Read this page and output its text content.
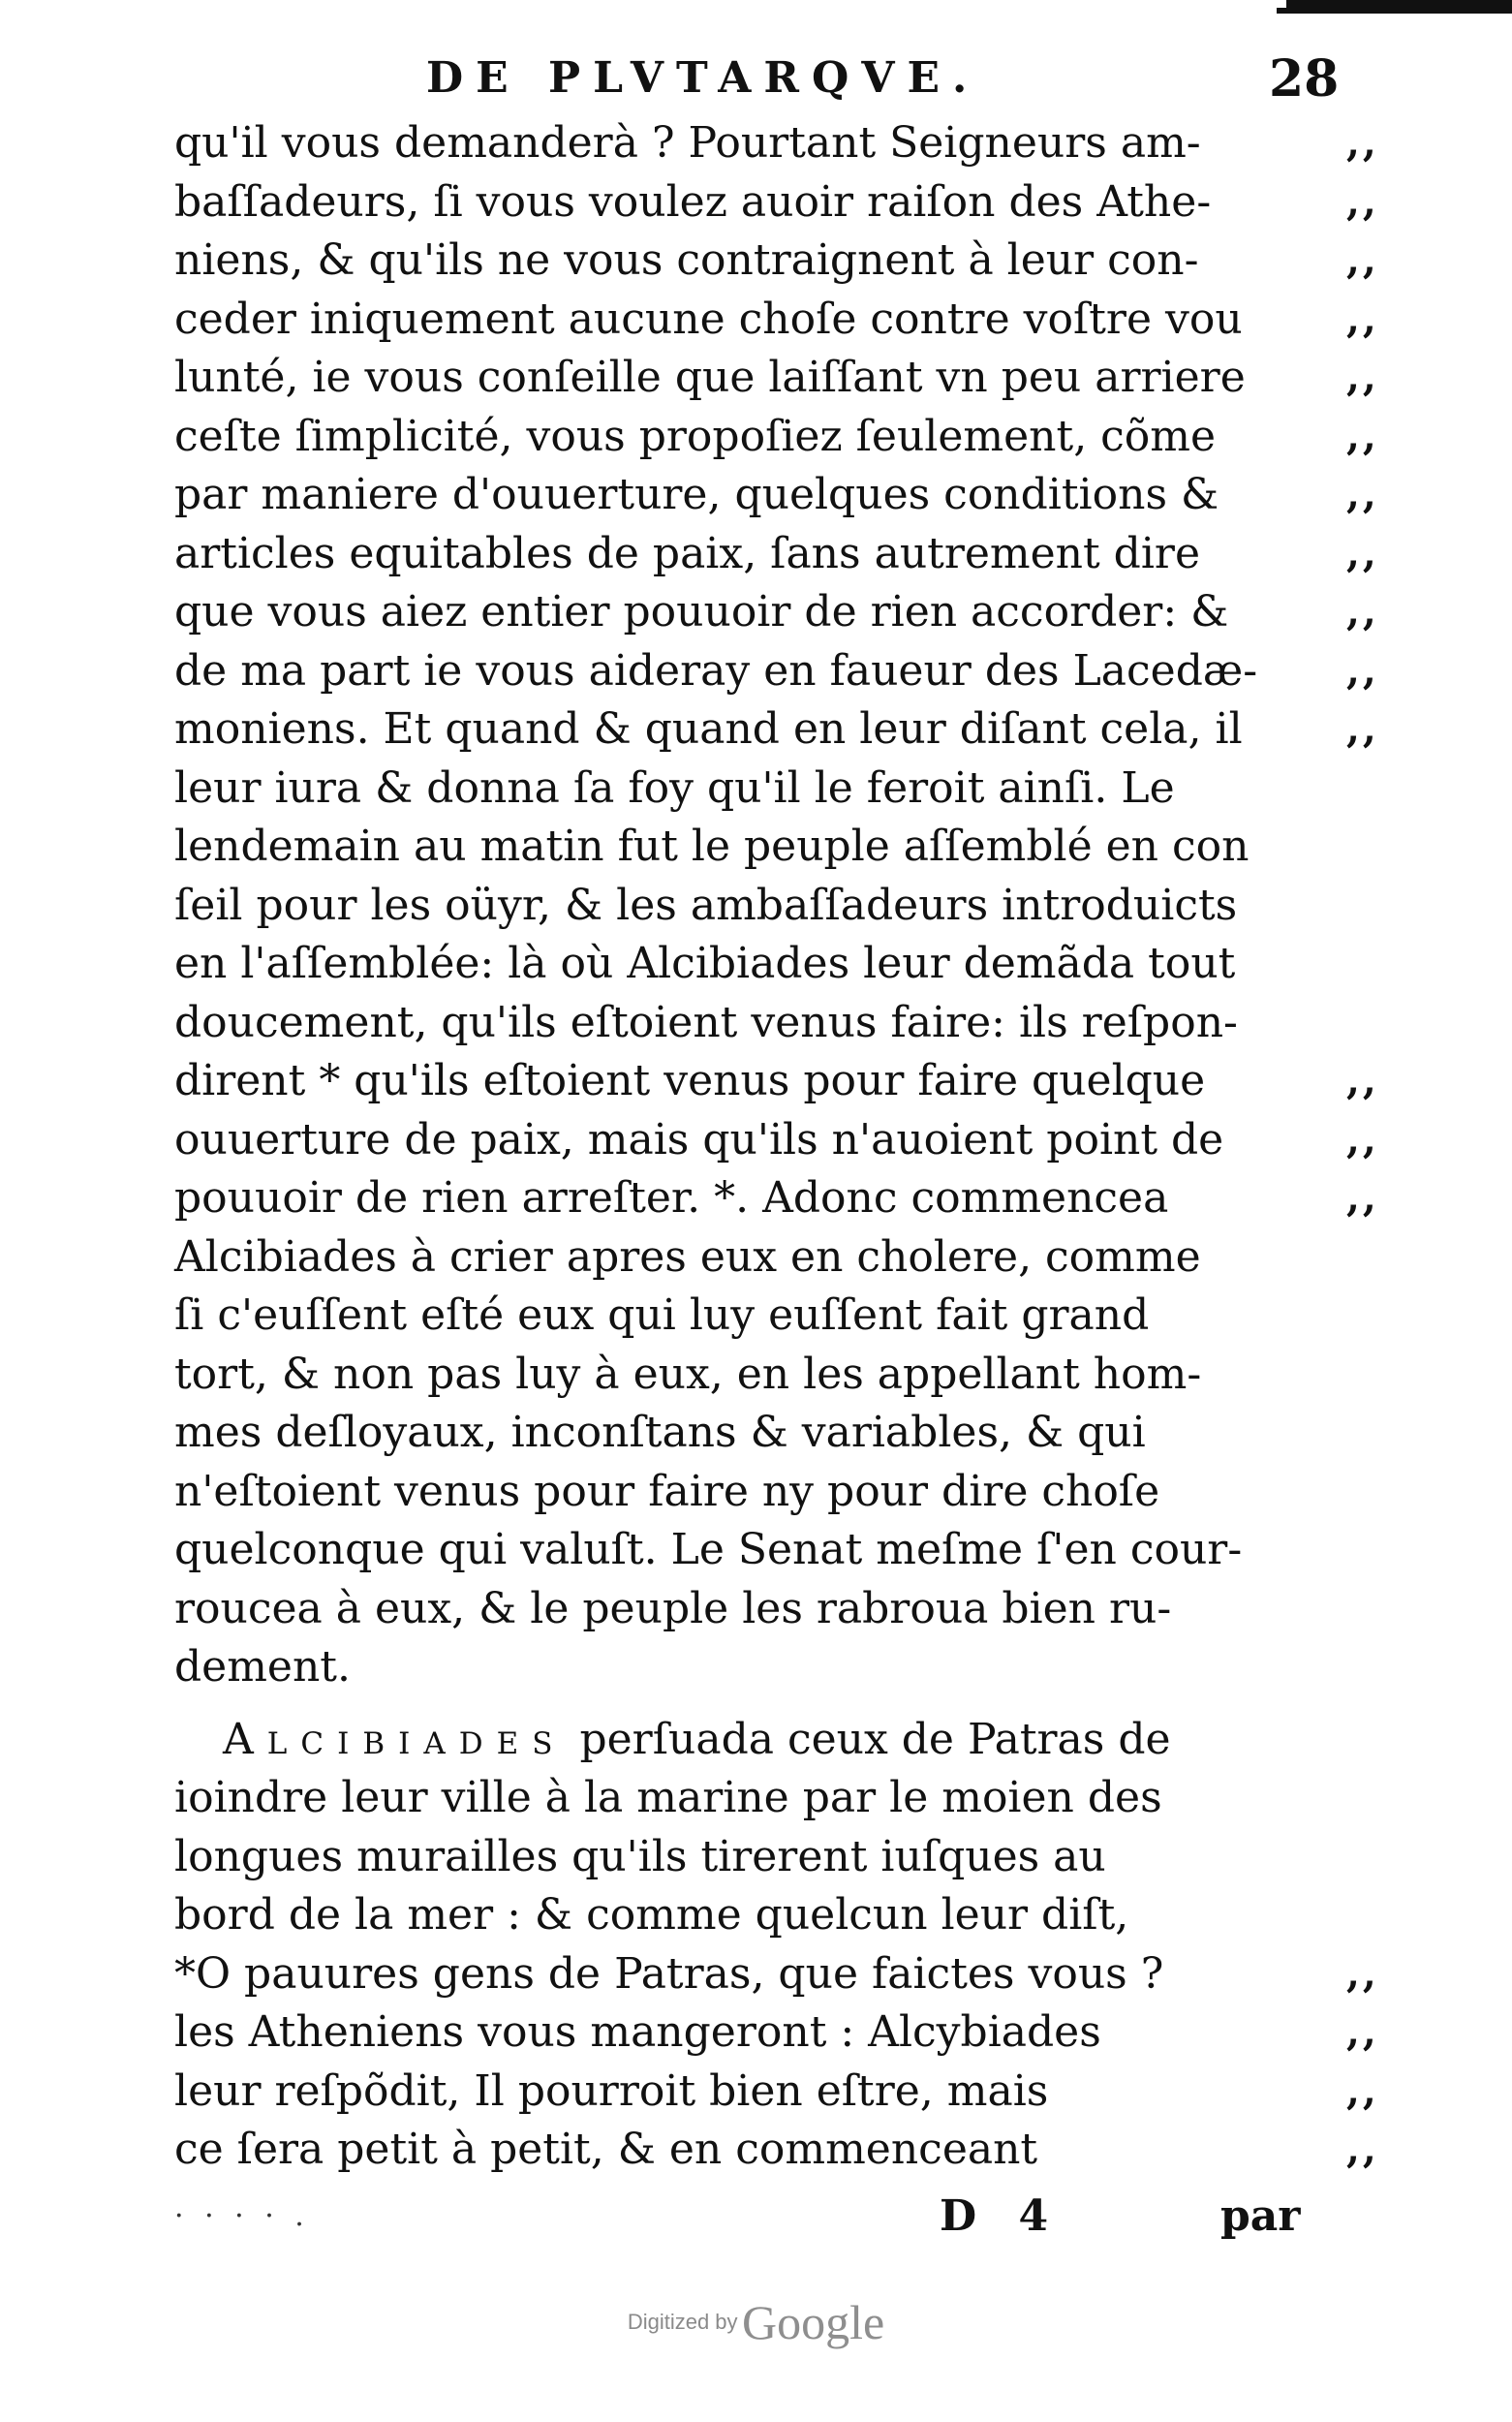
DE PLVTARQVE.	28
qu'il vous demanderà ? Pourtant Seigneurs am-	,,
baſſadeurs, ſi vous voulez auoir raiſon des Athe-	,,
niens, & qu'ils ne vous contraignent à leur con-	,,
ceder iniquement aucune choſe contre voſtre vou	,,
lunté, ie vous conſeille que laiſſant vn peu arriere	,,
ceſte ſimplicité, vous propoſiez ſeulement, cõme	,,
par maniere d'ouuerture, quelques conditions &	,,
articles equitables de paix, ſans autrement dire	,,
que vous aiez entier pouuoir de rien accorder: &	,,
de ma part ie vous aideray en faueur des Lacedæ- ,,
moniens. Et quand & quand en leur diſant cela, il	,,
leur iura & donna ſa foy qu'il le feroit ainſi. Le
lendemain au matin fut le peuple aſſemblé en con
ſeil pour les oüyr, & les ambaſſadeurs introduicts
en l'aſſemblée: là où Alcibiades leur demãda tout
doucement, qu'ils eſtoient venus faire: ils reſpon-
dirent * qu'ils eſtoient venus pour faire quelque	,,
ouuerture de paix, mais qu'ils n'auoient point de	,,
pouuoir de rien arreſter. *. Adonc commencea	,,
Alcibiades à crier apres eux en cholere, comme
ſi c'euſſent eſté eux qui luy euſſent fait grand
tort, & non pas luy à eux, en les appellant hom-
mes deſloyaux, inconſtans & variables, & qui
n'eſtoient venus pour faire ny pour dire choſe
quelconque qui valuſt. Le Senat meſme ſ'en cour-
roucea à eux, & le peuple les rabroua bien ru-
dement.
Alcibiades perſuada ceux de Patras de
ioindre leur ville à la marine par le moien des
longues murailles qu'ils tirerent iuſques au
bord de la mer : & comme quelcun leur diſt,
*O pauures gens de Patras, que faictes vous ?	,,
les Atheniens vous mangeront : Alcybiades	,,
leur reſpõdit, Il pourroit bien eſtre, mais	,,
ce ſera petit à petit, & en commenceant	,,
· · · · .	D 4	par
Digitized by Google
